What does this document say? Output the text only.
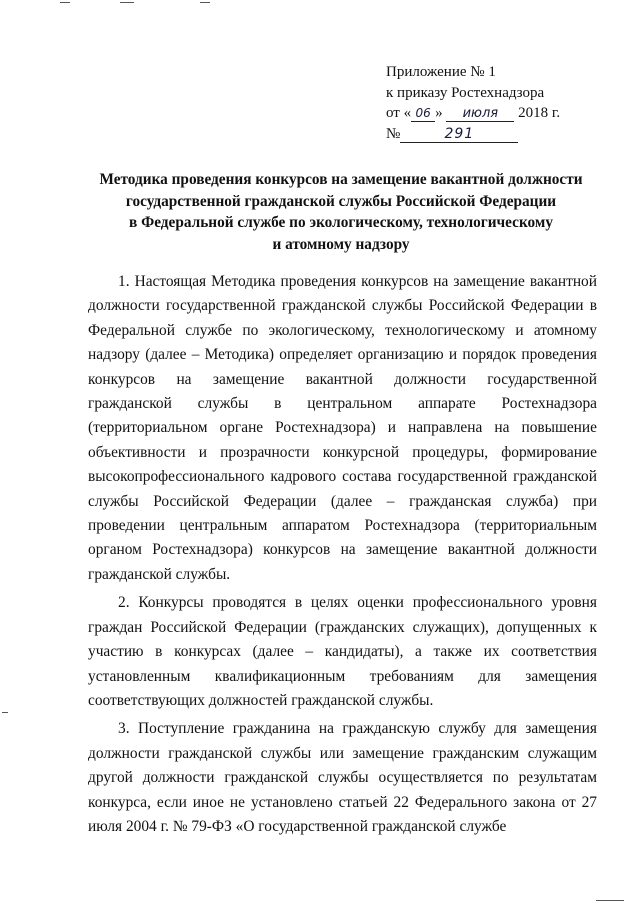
Приложение № 1
к приказу Ростехнадзора
от « 06 » июля 2018 г.
№	291
Методика проведения конкурсов на замещение вакантной должности
государственной гражданской службы Российской Федерации
в Федеральной службе по экологическому, технологическому
и атомному надзору

1. Настоящая Методика проведения конкурсов на замещение вакантной должности государственной гражданской службы Российской Федерации в Федеральной службе по экологическому, технологическому и атомному надзору (далее – Методика) определяет организацию и порядок проведения конкурсов на замещение вакантной должности государственной гражданской службы в центральном аппарате Ростехнадзора (территориальном органе Ростехнадзора) и направлена на повышение объективности и прозрачности конкурсной процедуры, формирование высокопрофессионального кадрового состава государственной гражданской службы Российской Федерации (далее – гражданская служба) при проведении центральным аппаратом Ростехнадзора (территориальным органом Ростехнадзора) конкурсов на замещение вакантной должности гражданской службы.

2. Конкурсы проводятся в целях оценки профессионального уровня граждан Российской Федерации (гражданских служащих), допущенных к участию в конкурсах (далее – кандидаты), а также их соответствия установленным квалификационным требованиям для замещения соответствующих должностей гражданской службы.

3. Поступление гражданина на гражданскую службу для замещения должности гражданской службы или замещение гражданским служащим другой должности гражданской службы осуществляется по результатам конкурса, если иное не установлено статьей 22 Федерального закона от 27 июля 2004 г. № 79-ФЗ «О государственной гражданской службе
